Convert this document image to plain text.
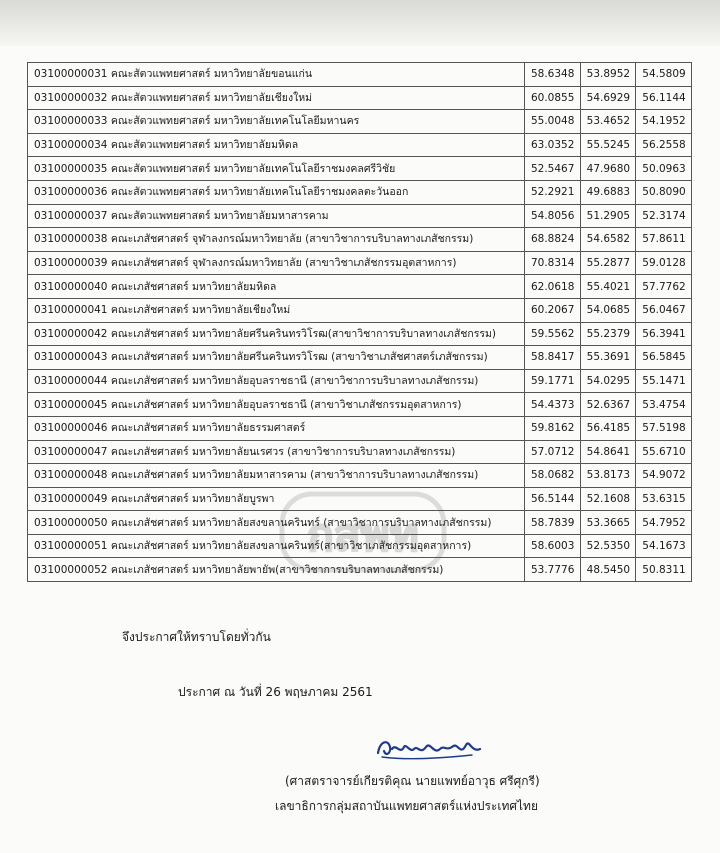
03100000031 คณะสัตวแพทยศาสตร์ มหาวิทยาลัยขอนแก่น	58.6348	53.8952	54.5809
03100000032 คณะสัตวแพทยศาสตร์ มหาวิทยาลัยเชียงใหม่	60.0855	54.6929	56.1144
03100000033 คณะสัตวแพทยศาสตร์ มหาวิทยาลัยเทคโนโลยีมหานคร	55.0048	53.4652	54.1952
03100000034 คณะสัตวแพทยศาสตร์ มหาวิทยาลัยมหิดล	63.0352	55.5245	56.2558
03100000035 คณะสัตวแพทยศาสตร์ มหาวิทยาลัยเทคโนโลยีราชมงคลศรีวิชัย	52.5467	47.9680	50.0963
03100000036 คณะสัตวแพทยศาสตร์ มหาวิทยาลัยเทคโนโลยีราชมงคลตะวันออก	52.2921	49.6883	50.8090
03100000037 คณะสัตวแพทยศาสตร์ มหาวิทยาลัยมหาสารคาม	54.8056	51.2905	52.3174
03100000038 คณะเภสัชศาสตร์ จุฬาลงกรณ์มหาวิทยาลัย (สาขาวิชาการบริบาลทางเภสัชกรรม)	68.8824	54.6582	57.8611
03100000039 คณะเภสัชศาสตร์ จุฬาลงกรณ์มหาวิทยาลัย (สาขาวิชาเภสัชกรรมอุตสาหการ)	70.8314	55.2877	59.0128
03100000040 คณะเภสัชศาสตร์ มหาวิทยาลัยมหิดล	62.0618	55.4021	57.7762
03100000041 คณะเภสัชศาสตร์ มหาวิทยาลัยเชียงใหม่	60.2067	54.0685	56.0467
03100000042 คณะเภสัชศาสตร์ มหาวิทยาลัยศรีนครินทรวิโรฒ(สาขาวิชาการบริบาลทางเภสัชกรรม)	59.5562	55.2379	56.3941
03100000043 คณะเภสัชศาสตร์ มหาวิทยาลัยศรีนครินทรวิโรฒ (สาขาวิชาเภสัชศาสตร์เภสัชกรรม)	58.8417	55.3691	56.5845
03100000044 คณะเภสัชศาสตร์ มหาวิทยาลัยอุบลราชธานี (สาขาวิชาการบริบาลทางเภสัชกรรม)	59.1771	54.0295	55.1471
03100000045 คณะเภสัชศาสตร์ มหาวิทยาลัยอุบลราชธานี (สาขาวิชาเภสัชกรรมอุตสาหการ)	54.4373	52.6367	53.4754
03100000046 คณะเภสัชศาสตร์ มหาวิทยาลัยธรรมศาสตร์	59.8162	56.4185	57.5198
03100000047 คณะเภสัชศาสตร์ มหาวิทยาลัยนเรศวร (สาขาวิชาการบริบาลทางเภสัชกรรม)	57.0712	54.8641	55.6710
03100000048 คณะเภสัชศาสตร์ มหาวิทยาลัยมหาสารคาม (สาขาวิชาการบริบาลทางเภสัชกรรม)	58.0682	53.8173	54.9072
03100000049 คณะเภสัชศาสตร์ มหาวิทยาลัยบูรพา	56.5144	52.1608	53.6315
03100000050 คณะเภสัชศาสตร์ มหาวิทยาลัยสงขลานครินทร์ (สาขาวิชาการบริบาลทางเภสัชกรรม)	58.7839	53.3665	54.7952
03100000051 คณะเภสัชศาสตร์ มหาวิทยาลัยสงขลานครินทร์(สาขาวิชาเภสัชกรรมอุตสาหการ)	58.6003	52.5350	54.1673
03100000052 คณะเภสัชศาสตร์ มหาวิทยาลัยพายัพ(สาขาวิชาการบริบาลทางเภสัชกรรม)	53.7776	48.5450	50.8311
กสพท
จึงประกาศให้ทราบโดยทั่วกัน
ประกาศ ณ วันที่ 26 พฤษภาคม 2561
(ศาสตราจารย์เกียรติคุณ นายแพทย์อาวุธ ศรีศุกรี)
เลขาธิการกลุ่มสถาบันแพทยศาสตร์แห่งประเทศไทย
